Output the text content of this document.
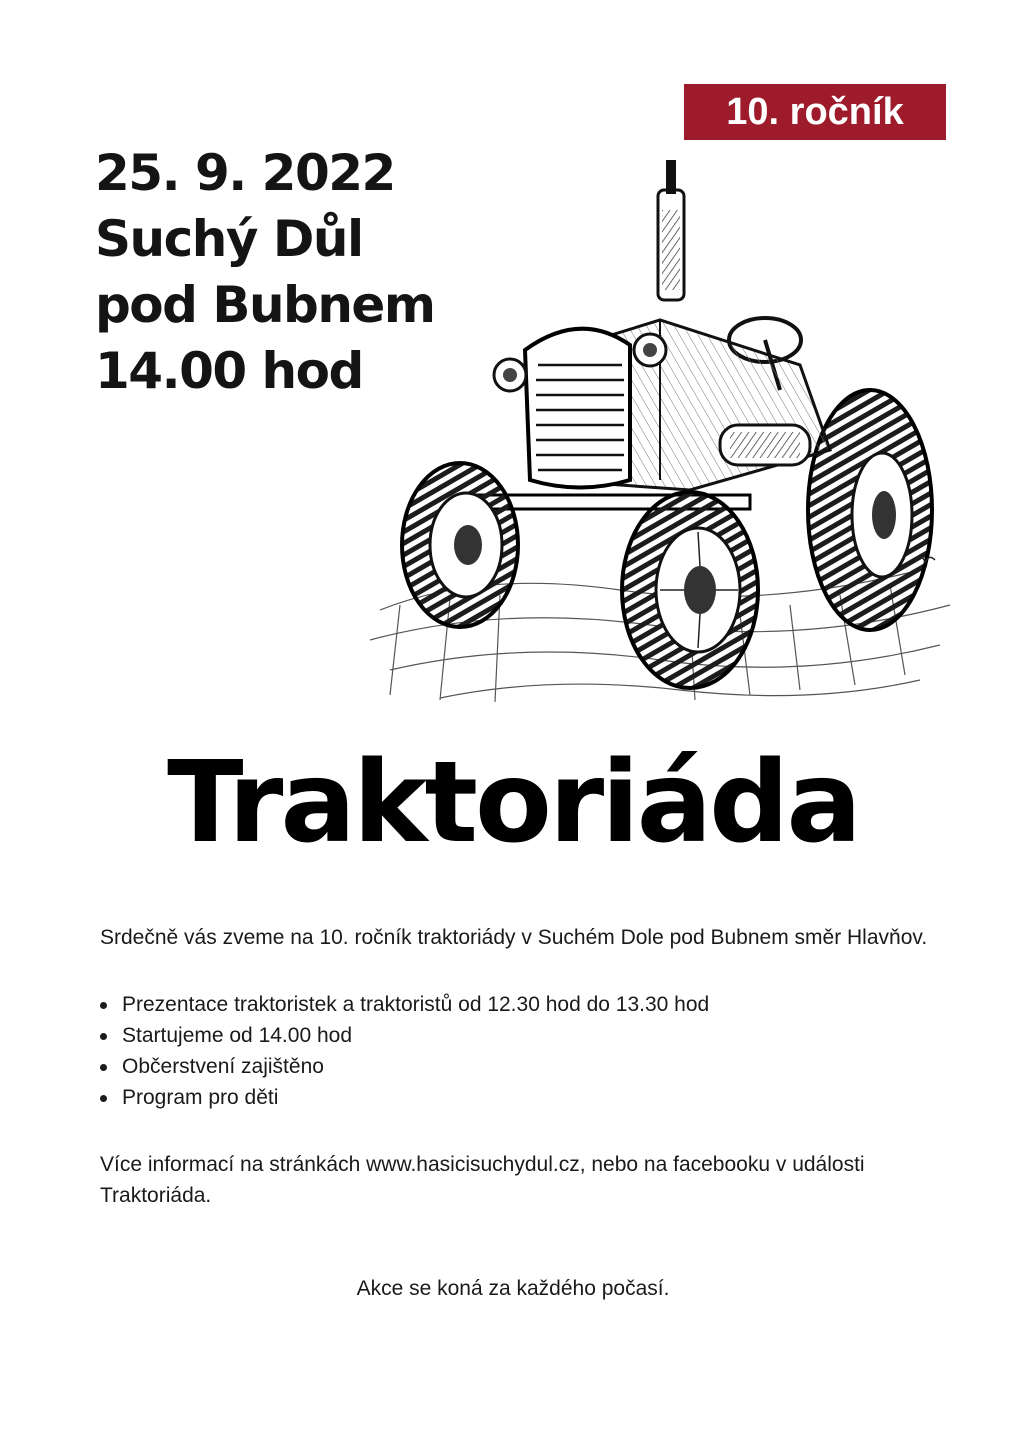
10. ročník
25. 9. 2022
Suchý Důl
pod Bubnem
14.00 hod
Traktoriáda

Srdečně vás zveme na 10. ročník traktoriády v Suchém Dole pod Bubnem směr Hlavňov.

Prezentace traktoristek a traktoristů od 12.30 hod do 13.30 hod
Startujeme od 14.00 hod
Občerstvení zajištěno
Program pro děti

Více informací na stránkách www.hasicisuchydul.cz, nebo na facebooku v události Traktoriáda.

Akce se koná za každého počasí.
